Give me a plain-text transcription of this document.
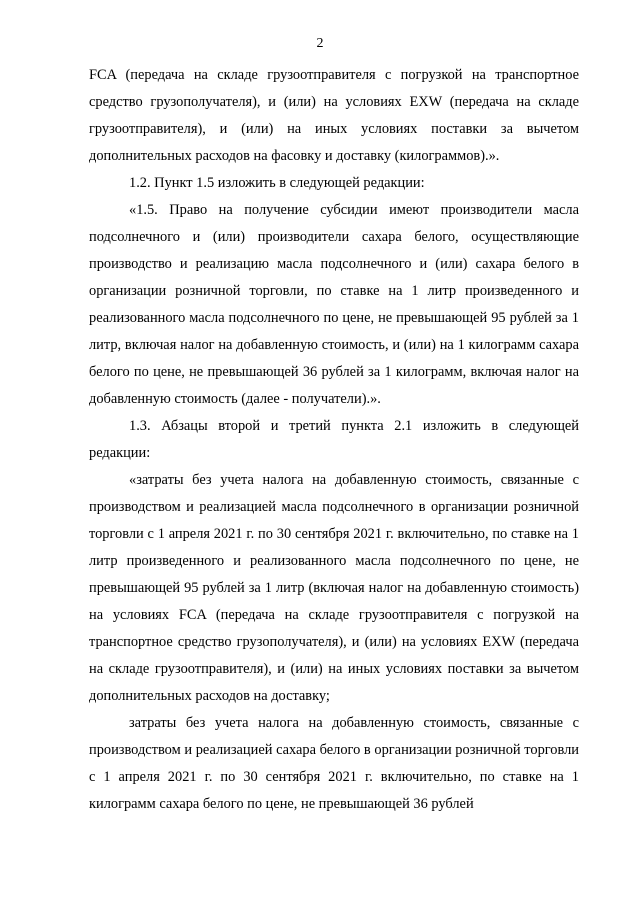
2

FCA (передача на складе грузоотправителя с погрузкой на транспортное средство грузополучателя), и (или) на условиях EXW (передача на складе грузоотправителя), и (или) на иных условиях поставки за вычетом дополнительных расходов на фасовку и доставку (килограммов).».

1.2. Пункт 1.5 изложить в следующей редакции:

«1.5. Право на получение субсидии имеют производители масла подсолнечного и (или) производители сахара белого, осуществляющие производство и реализацию масла подсолнечного и (или) сахара белого в организации розничной торговли, по ставке на 1 литр произведенного и реализованного масла подсолнечного по цене, не превышающей 95 рублей за 1 литр, включая налог на добавленную стоимость, и (или) на 1 килограмм сахара белого по цене, не превышающей 36 рублей за 1 килограмм, включая налог на добавленную стоимость (далее - получатели).».

1.3. Абзацы второй и третий пункта 2.1 изложить в следующей редакции:

«затраты без учета налога на добавленную стоимость, связанные с производством и реализацией масла подсолнечного в организации розничной торговли с 1 апреля 2021 г. по 30 сентября 2021 г. включительно, по ставке на 1 литр произведенного и реализованного масла подсолнечного по цене, не превышающей 95 рублей за 1 литр (включая налог на добавленную стоимость) на условиях FCA (передача на складе грузоотправителя с погрузкой на транспортное средство грузополучателя), и (или) на условиях EXW (передача на складе грузоотправителя), и (или) на иных условиях поставки за вычетом дополнительных расходов на доставку;

затраты без учета налога на добавленную стоимость, связанные с производством и реализацией сахара белого в организации розничной торговли с 1 апреля 2021 г. по 30 сентября 2021 г. включительно, по ставке на 1 килограмм сахара белого по цене, не превышающей 36 рублей
